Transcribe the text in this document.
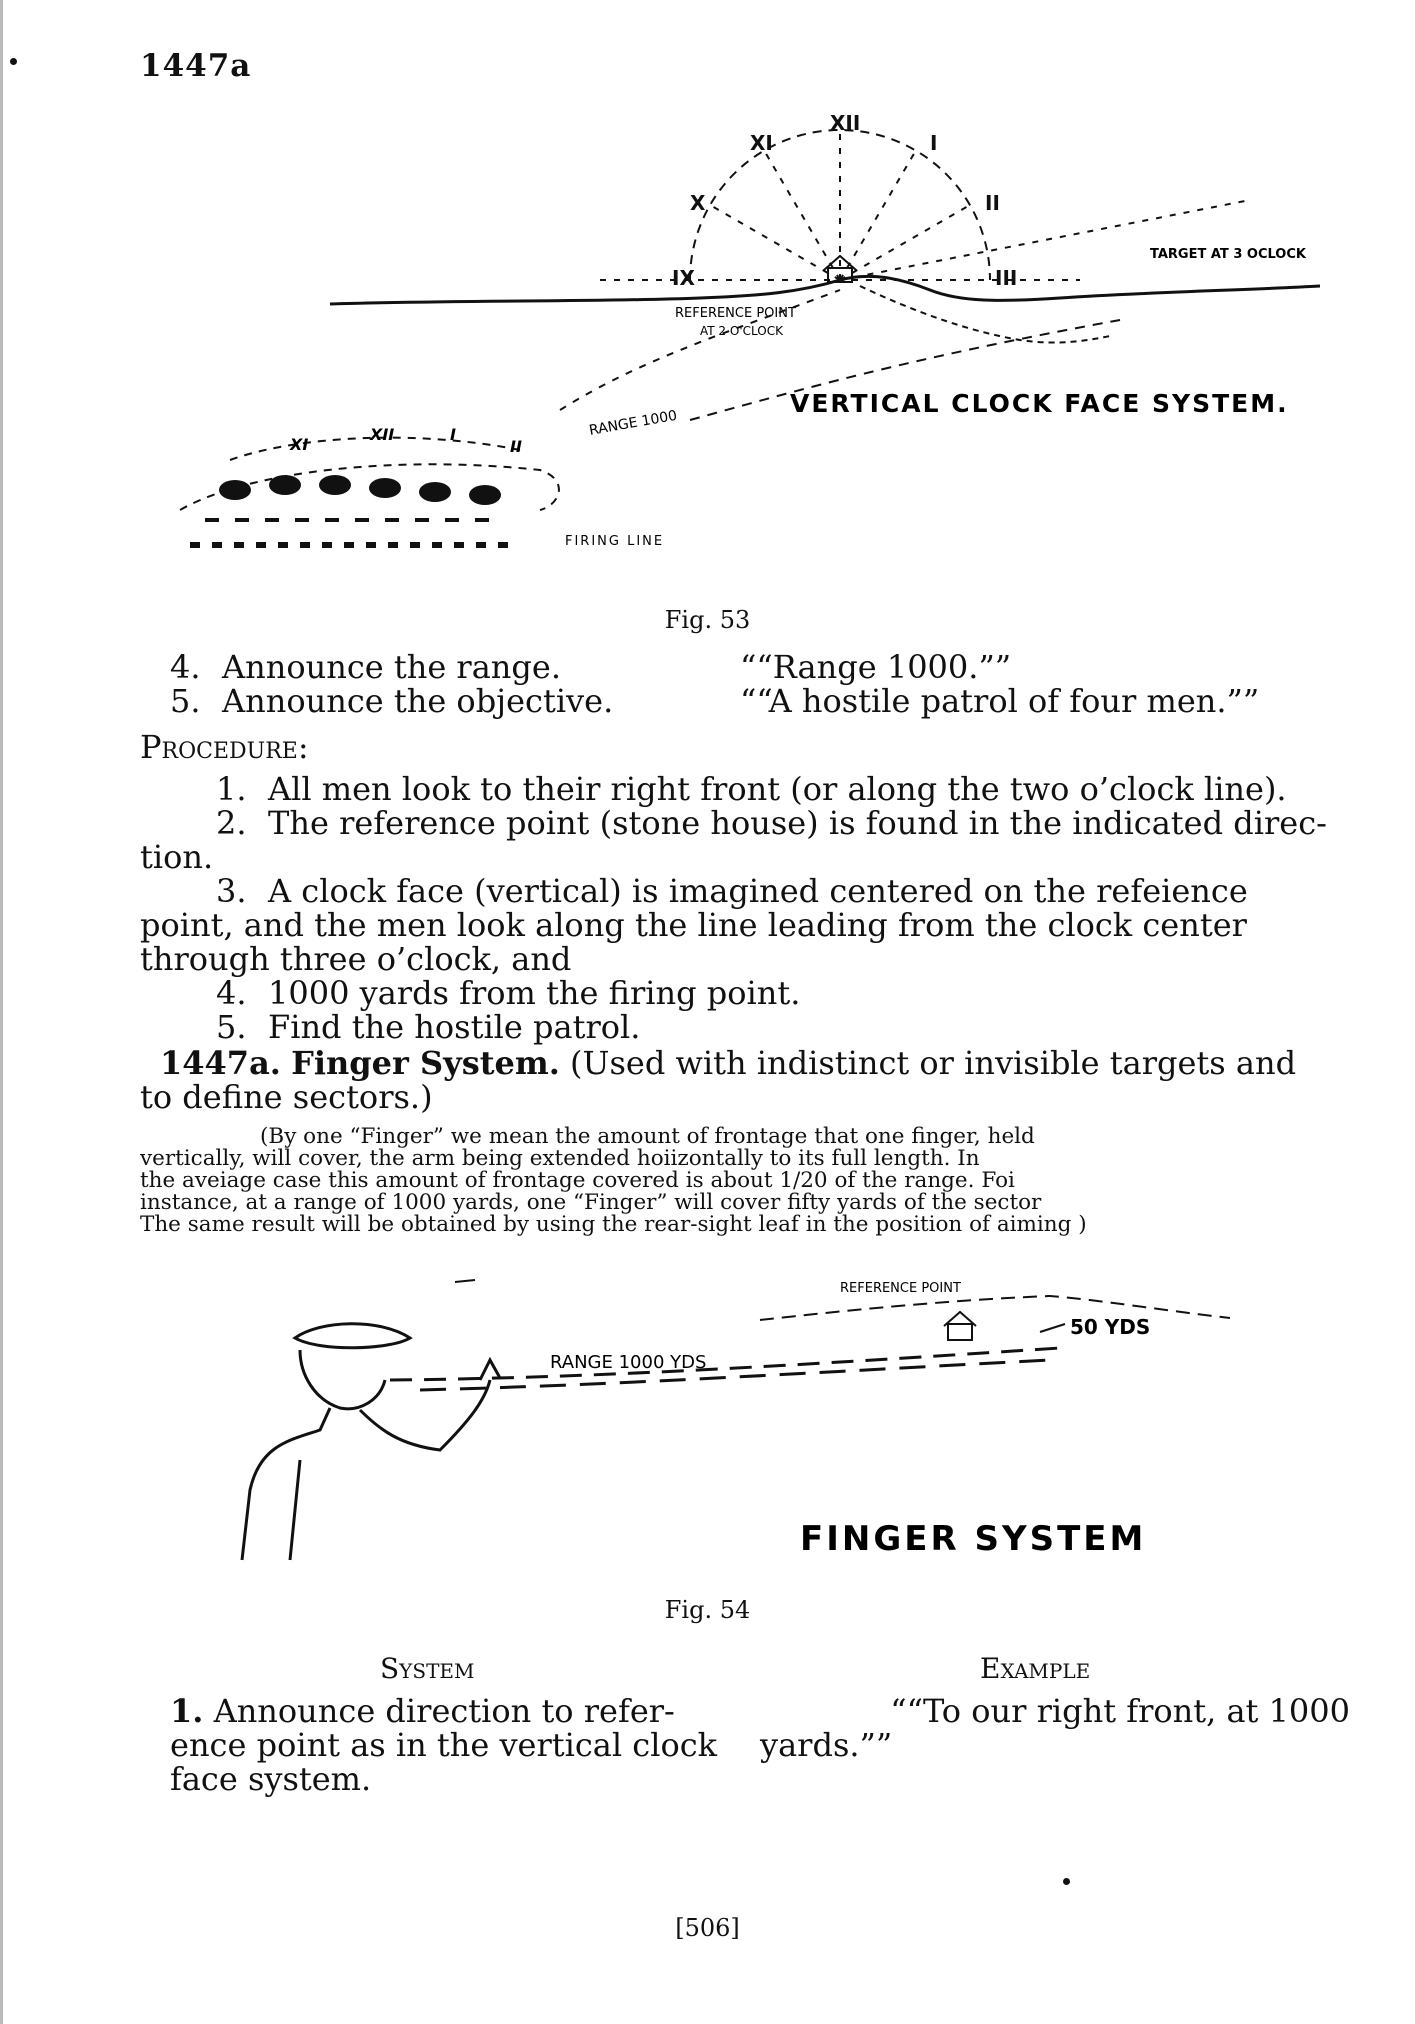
1447a
XII
I
II
III
IX
X
XI
TARGET AT 3 OCLOCK
REFERENCE POINT
AT 2 O'CLOCK
RANGE 1000
VERTICAL CLOCK FACE SYSTEM.
XI
XII	I
II
FIRING LINE
Fig. 53
4. Announce the range.	““Range 1000.””
5. Announce the objective.	““A hostile patrol of four men.””
Procedure:
1. All men look to their right front (or along the two o’clock line).
2. The reference point (stone house) is found in the indicated direc-
tion.
3. A clock face (vertical) is imagined centered on the refeience
point, and the men look along the line leading from the clock center
through three o’clock, and
4. 1000 yards from the firing point.
5. Find the hostile patrol.
1447a. Finger System. (Used with indistinct or invisible targets and
to define sectors.)
(By one “Finger” we mean the amount of frontage that one finger, held
vertically, will cover, the arm being extended hoiizontally to its full length. In
the aveiage case this amount of frontage covered is about 1/20 of the range. Foi
instance, at a range of 1000 yards, one “Finger” will cover fifty yards of the sector
The same result will be obtained by using the rear-sight leaf in the position of aiming )
RANGE 1000 YDS
REFERENCE POINT
50 YDS
FINGER SYSTEM
Fig. 54
System	Example
1. Announce direction to refer-	““To our right front, at 1000
ence point as in the vertical clock	yards.””
face system.
[506]
